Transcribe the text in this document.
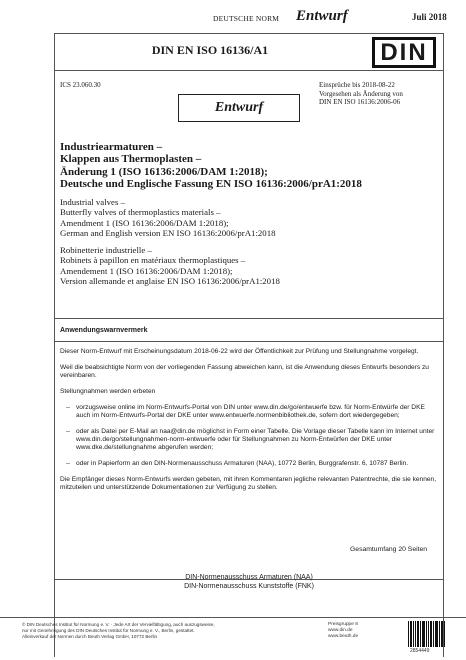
DEUTSCHE NORM Entwurf	Juli 2018
DIN EN ISO 16136/A1	DIN
ICS 23.060.30	Einsprüche bis 2018-08-22
Vorgesehen als Änderung von
DIN EN ISO 16136:2006-06
Entwurf
Industriearmaturen –
Klappen aus Thermoplasten –
Änderung 1 (ISO 16136:2006/DAM 1:2018);
Deutsche und Englische Fassung EN ISO 16136:2006/prA1:2018
Industrial valves –
Butterfly valves of thermoplastics materials –
Amendment 1 (ISO 16136:2006/DAM 1:2018);
German and English version EN ISO 16136:2006/prA1:2018
Robinetterie industrielle –
Robinets à papillon en matériaux thermoplastiques –
Amendement 1 (ISO 16136:2006/DAM 1:2018);
Version allemande et anglaise EN ISO 16136:2006/prA1:2018
Anwendungswarnvermerk
Dieser Norm-Entwurf mit Erscheinungsdatum 2018-06-22 wird der Öffentlichkeit zur Prüfung und Stellungnahme vorgelegt.
Weil die beabsichtigte Norm von der vorliegenden Fassung abweichen kann, ist die Anwendung dieses Entwurfs besonders zu vereinbaren.
Stellungnahmen werden erbeten
– vorzugsweise online im Norm-Entwurfs-Portal von DIN unter www.din.de/go/entwuerfe bzw. für Norm-Entwürfe der DKE auch im Norm-Entwurfs-Portal der DKE unter www.entwuerfe.normenbibliothek.de, sofern dort wiedergegeben;
– oder als Datei per E-Mail an naa@din.de möglichst in Form einer Tabelle. Die Vorlage dieser Tabelle kann im Internet unter www.din.de/go/stellungnahmen-norm-entwuerfe oder für Stellungnahmen zu Norm-Entwürfen der DKE unter www.dke.de/stellungnahme abgerufen werden;
– oder in Papierform an den DIN-Normenausschuss Armaturen (NAA), 10772 Berlin, Burggrafenstr. 6, 10787 Berlin.
Die Empfänger dieses Norm-Entwurfs werden gebeten, mit ihren Kommentaren jegliche relevanten Patentrechte, die sie kennen, mitzuteilen und unterstützende Dokumentationen zur Verfügung zu stellen.
Gesamtumfang 20 Seiten
DIN-Normenausschuss Armaturen (NAA)
DIN-Normenausschuss Kunststoffe (FNK)
© DIN Deutsches Institut für Normung e. V. · Jede Art der Vervielfältigung, auch auszugsweise,
nur mit Genehmigung des DIN Deutsches Institut für Normung e. V., Berlin, gestattet.
Alleinverkauf der Normen durch Beuth Verlag GmbH, 10772 Berlin
Preisgruppe 8
www.din.de
www.beuth.de
2854449
